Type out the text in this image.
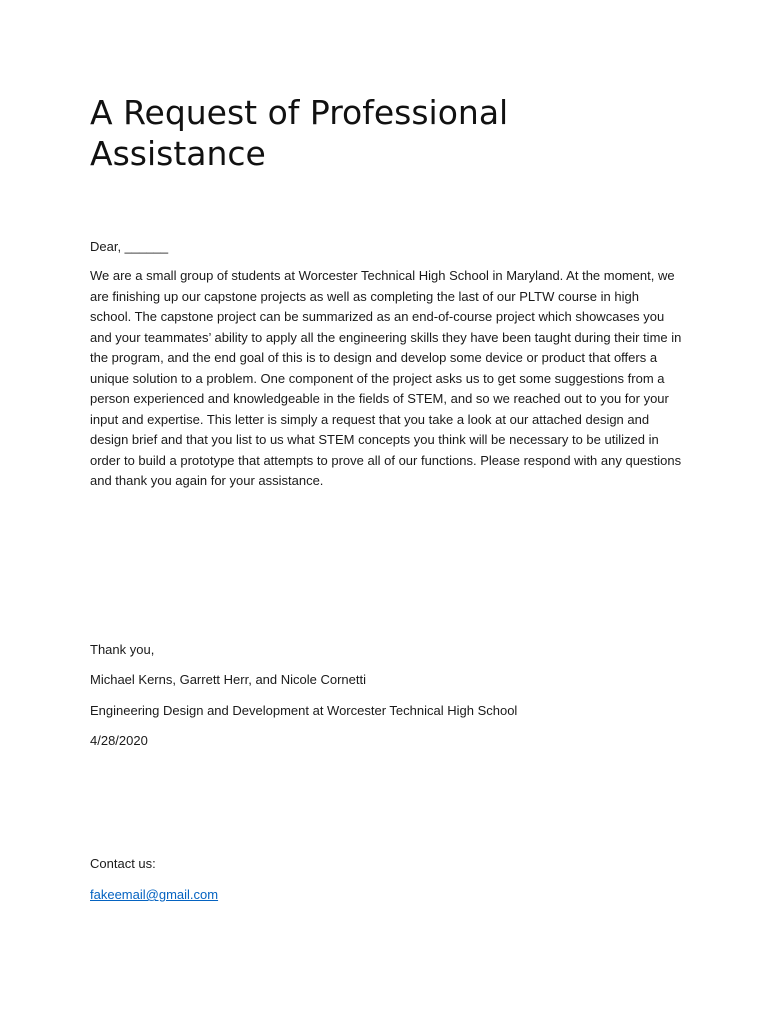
A Request of Professional Assistance

Dear, ______

We are a small group of students at Worcester Technical High School in Maryland. At the moment, we are finishing up our capstone projects as well as completing the last of our PLTW course in high school. The capstone project can be summarized as an end-of-course project which showcases you and your teammates’ ability to apply all the engineering skills they have been taught during their time in the program, and the end goal of this is to design and develop some device or product that offers a unique solution to a problem. One component of the project asks us to get some suggestions from a person experienced and knowledgeable in the fields of STEM, and so we reached out to you for your input and expertise. This letter is simply a request that you take a look at our attached design and design brief and that you list to us what STEM concepts you think will be necessary to be utilized in order to build a prototype that attempts to prove all of our functions. Please respond with any questions and thank you again for your assistance.

Thank you,

Michael Kerns, Garrett Herr, and Nicole Cornetti

Engineering Design and Development at Worcester Technical High School

4/28/2020

Contact us:

fakeemail@gmail.com
